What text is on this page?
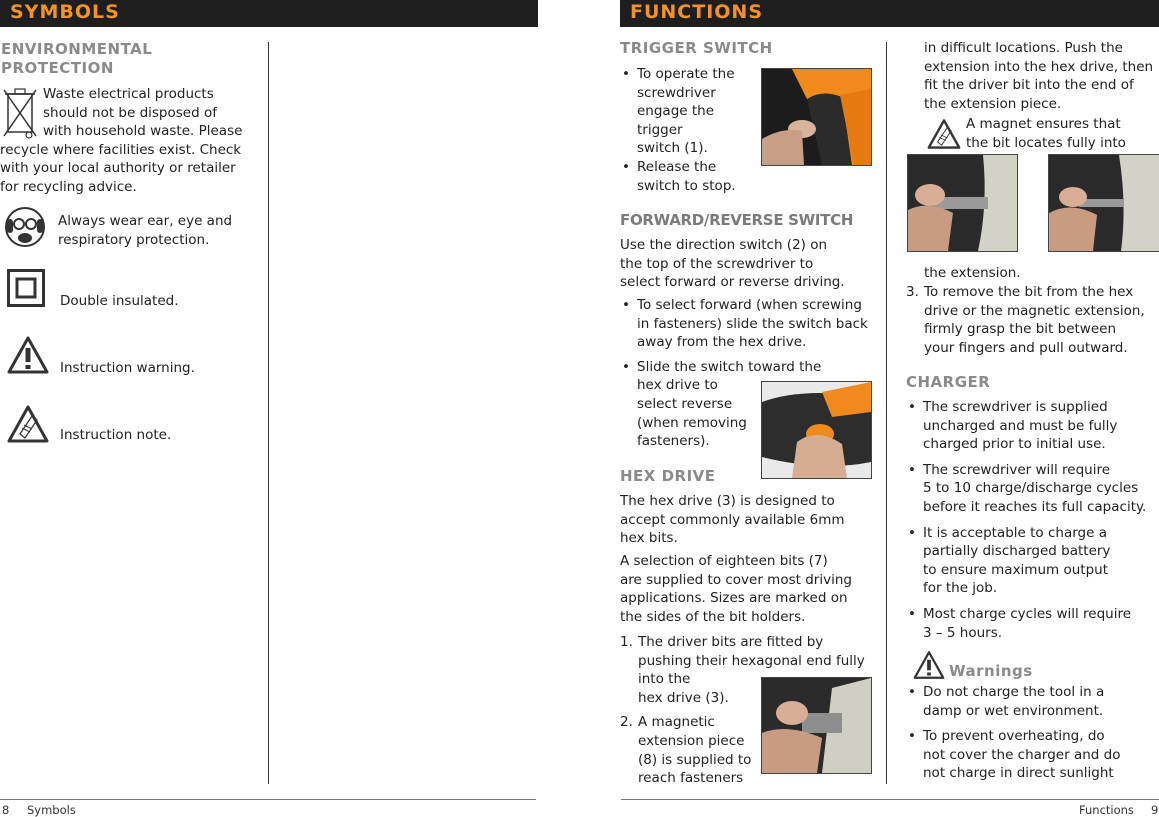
SYMBOLS
ENVIRONMENTAL
PROTECTION
Waste electrical products
should not be disposed of
with household waste. Please
recycle where facilities exist. Check
with your local authority or retailer
for recycling advice.
Always wear ear, eye and
respiratory protection.
Double insulated.
Instruction warning.
Instruction note.
8 Symbols
FUNCTIONS
TRIGGER SWITCH
• To operate the
screwdriver
engage the
trigger
switch (1).
• Release the
switch to stop.
FORWARD/REVERSE SWITCH
Use the direction switch (2) on
the top of the screwdriver to
select forward or reverse driving.
• To select forward (when screwing
in fasteners) slide the switch back
away from the hex drive.
• Slide the switch toward the
hex drive to
select reverse
(when removing
fasteners).
HEX DRIVE
The hex drive (3) is designed to
accept commonly available 6mm
hex bits.
A selection of eighteen bits (7)
are supplied to cover most driving
applications. Sizes are marked on
the sides of the bit holders.
1. The driver bits are fitted by
pushing their hexagonal end fully
into the
hex drive (3).
2. A magnetic
extension piece
(8) is supplied to
reach fasteners
in difficult locations. Push the
extension into the hex drive, then
fit the driver bit into the end of
the extension piece.
A magnet ensures that
the bit locates fully into
the extension.
3. To remove the bit from the hex
drive or the magnetic extension,
firmly grasp the bit between
your fingers and pull outward.
CHARGER
• The screwdriver is supplied
uncharged and must be fully
charged prior to initial use.
• The screwdriver will require
5 to 10 charge/discharge cycles
before it reaches its full capacity.
• It is acceptable to charge a
partially discharged battery
to ensure maximum output
for the job.
• Most charge cycles will require
3 – 5 hours.
Warnings
• Do not charge the tool in a
damp or wet environment.
• To prevent overheating, do
not cover the charger and do
not charge in direct sunlight
Functions 9
